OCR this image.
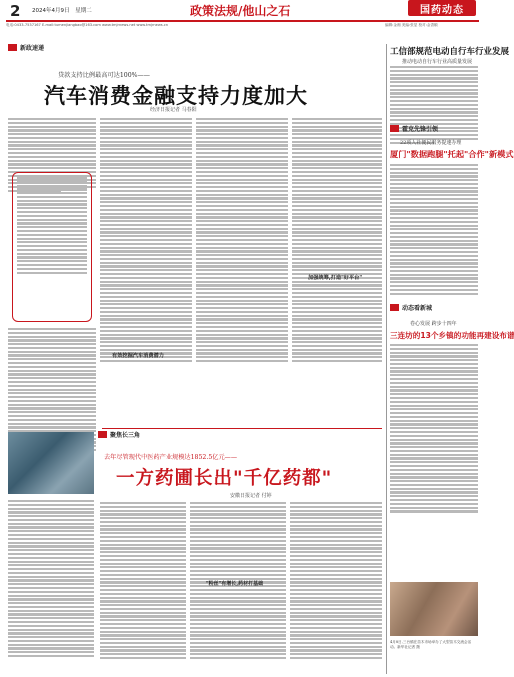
2 2024年4月9日 星期二	政策法规/他山之石	国药动态
电话:0433-7537167 E-mail:tumenjiangbao@163.com www.tmjrnews.net www.tmjrnews.cn	编辑:金湘 美编:张显 校对:金香顺
新政速递
贷款支持比例最高可达100%——
汽车消费金融支持力度加大
经济日报记者 马春阳
有效挖掘汽车消费潜力
加强统筹,打造"好平台"
聚焦长三角
去年尽管现代中医药产业规模达1852.5亿元——
一方药圃长出"千亿药都"
安徽日报记者 付婷
"粉丝"有增长,药材打基础
工信部规范电动自行车行业发展
推动电动自行车行业高质量发展
霍克先锋引领
22项人社便民服务提速办理
厦门"数据跑腿"托起"合作"新模式
动态看新城
卷心发展 跨步十四年
三连坊的13个乡镇的功能再建设布谱
4月8日,三台镇在苗木市场举办了大型苗木交流会活动。新华社记者 摄
